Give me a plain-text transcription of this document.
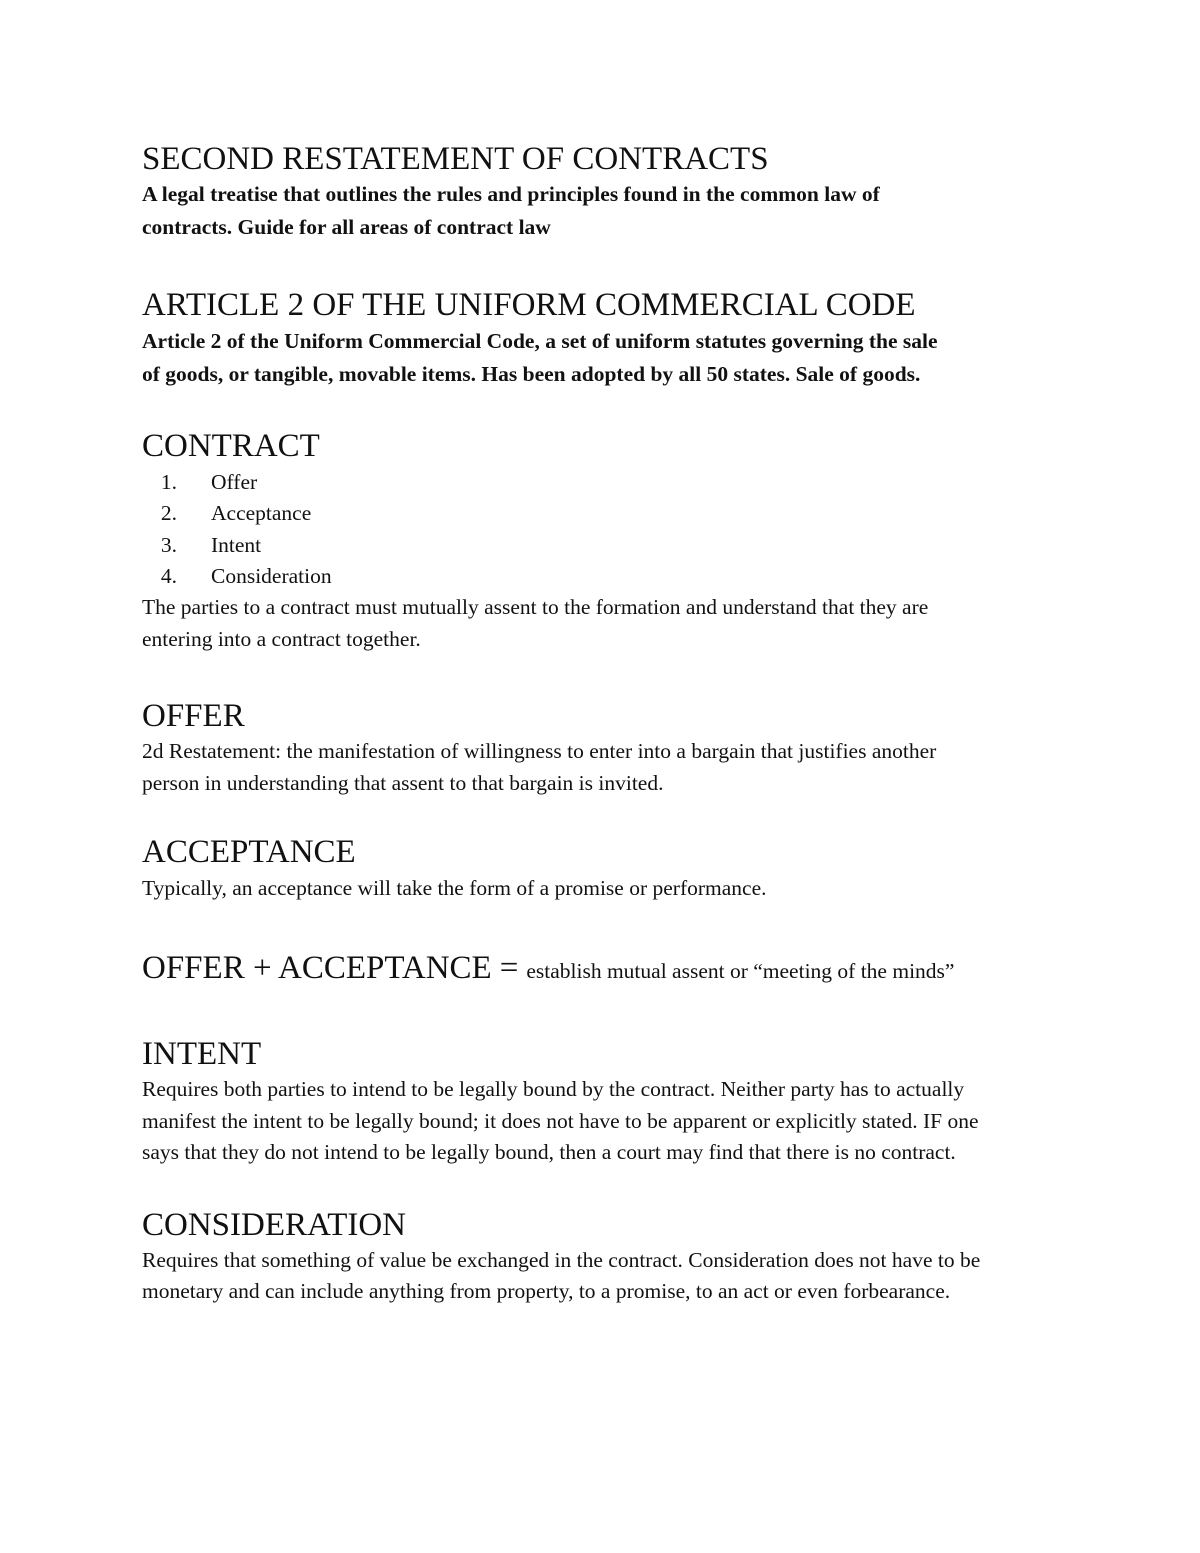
SECOND RESTATEMENT OF CONTRACTS
A legal treatise that outlines the rules and principles found in the common law of
contracts. Guide for all areas of contract law
ARTICLE 2 OF THE UNIFORM COMMERCIAL CODE
Article 2 of the Uniform Commercial Code, a set of uniform statutes governing the sale
of goods, or tangible, movable items. Has been adopted by all 50 states. Sale of goods.
CONTRACT
1.	Offer
2.	Acceptance
3.	Intent
4.	Consideration
The parties to a contract must mutually assent to the formation and understand that they are
entering into a contract together.
OFFER
2d Restatement: the manifestation of willingness to enter into a bargain that justifies another
person in understanding that assent to that bargain is invited.
ACCEPTANCE
Typically, an acceptance will take the form of a promise or performance.
OFFER + ACCEPTANCE = establish mutual assent or “meeting of the minds”
INTENT
Requires both parties to intend to be legally bound by the contract. Neither party has to actually
manifest the intent to be legally bound; it does not have to be apparent or explicitly stated. IF one
says that they do not intend to be legally bound, then a court may find that there is no contract.
CONSIDERATION
Requires that something of value be exchanged in the contract. Consideration does not have to be
monetary and can include anything from property, to a promise, to an act or even forbearance.
